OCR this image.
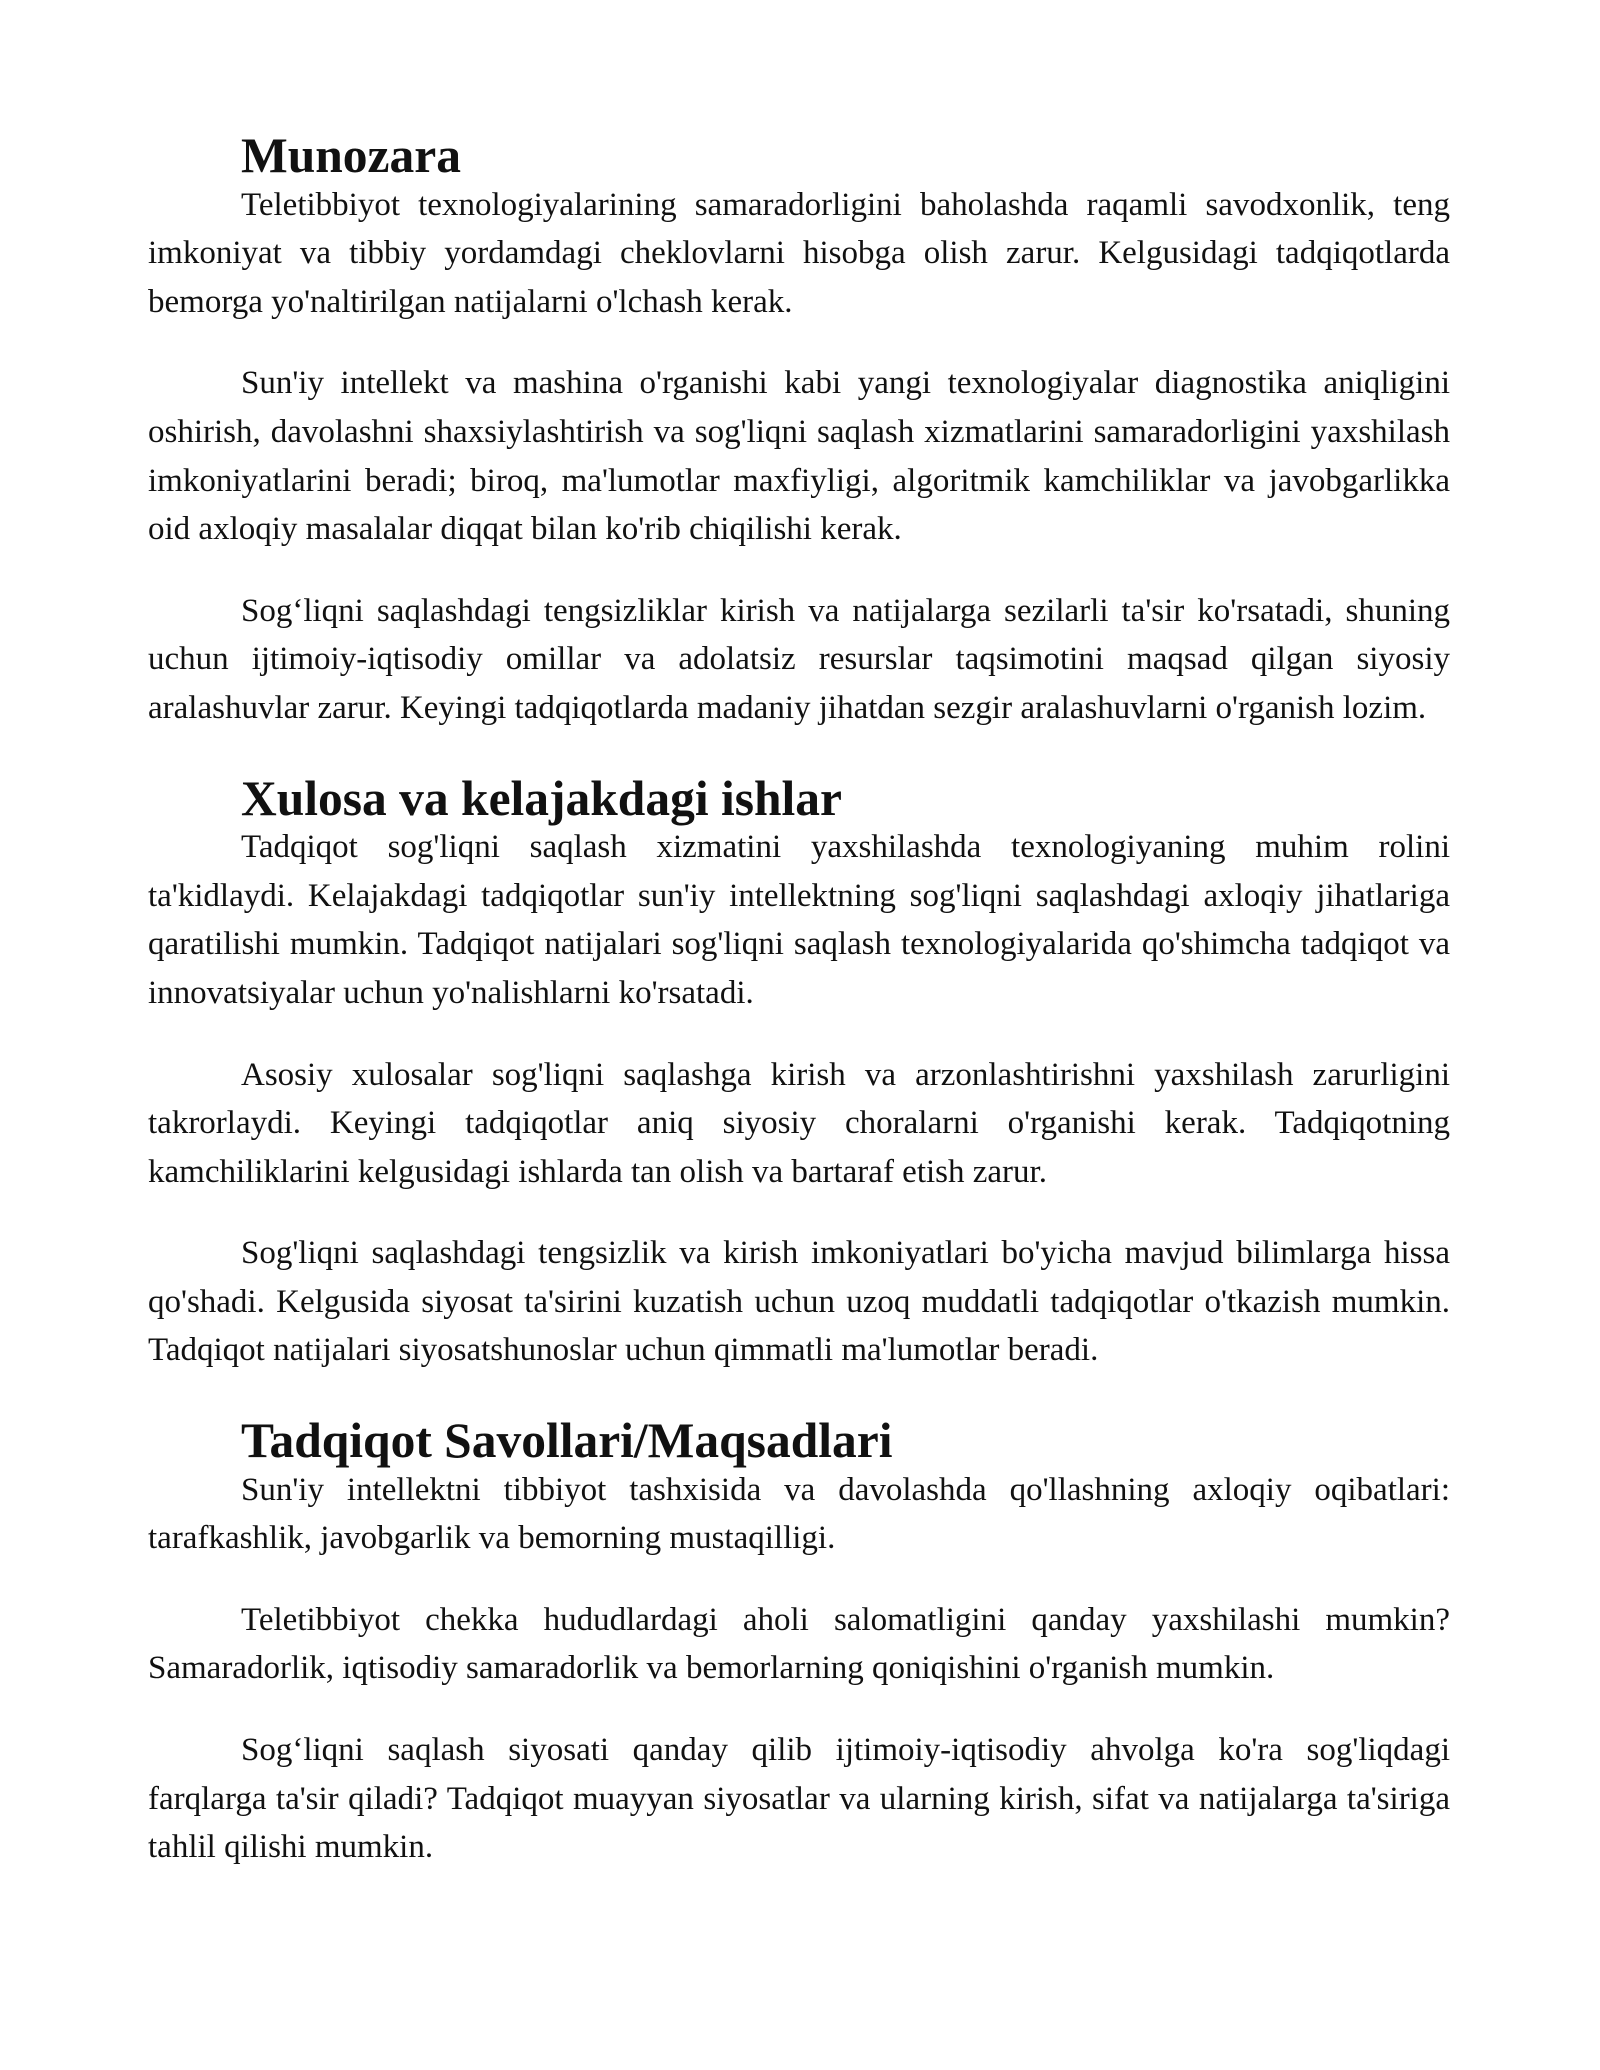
Munozara

Teletibbiyot texnologiyalarining samaradorligini baholashda raqamli savodxonlik, teng imkoniyat va tibbiy yordamdagi cheklovlarni hisobga olish zarur. Kelgusidagi tadqiqotlarda bemorga yo'naltirilgan natijalarni o'lchash kerak.

Sun'iy intellekt va mashina o'rganishi kabi yangi texnologiyalar diagnostika aniqligini oshirish, davolashni shaxsiylashtirish va sog'liqni saqlash xizmatlarini samaradorligini yaxshilash imkoniyatlarini beradi; biroq, ma'lumotlar maxfiyligi, algoritmik kamchiliklar va javobgarlikka oid axloqiy masalalar diqqat bilan ko'rib chiqilishi kerak.

Sog‘liqni saqlashdagi tengsizliklar kirish va natijalarga sezilarli ta'sir ko'rsatadi, shuning uchun ijtimoiy-iqtisodiy omillar va adolatsiz resurslar taqsimotini maqsad qilgan siyosiy aralashuvlar zarur. Keyingi tadqiqotlarda madaniy jihatdan sezgir aralashuvlarni o'rganish lozim.

Xulosa va kelajakdagi ishlar

Tadqiqot sog'liqni saqlash xizmatini yaxshilashda texnologiyaning muhim rolini ta'kidlaydi. Kelajakdagi tadqiqotlar sun'iy intellektning sog'liqni saqlashdagi axloqiy jihatlariga qaratilishi mumkin. Tadqiqot natijalari sog'liqni saqlash texnologiyalarida qo'shimcha tadqiqot va innovatsiyalar uchun yo'nalishlarni ko'rsatadi.

Asosiy xulosalar sog'liqni saqlashga kirish va arzonlashtirishni yaxshilash zarurligini takrorlaydi. Keyingi tadqiqotlar aniq siyosiy choralarni o'rganishi kerak. Tadqiqotning kamchiliklarini kelgusidagi ishlarda tan olish va bartaraf etish zarur.

Sog'liqni saqlashdagi tengsizlik va kirish imkoniyatlari bo'yicha mavjud bilimlarga hissa qo'shadi. Kelgusida siyosat ta'sirini kuzatish uchun uzoq muddatli tadqiqotlar o'tkazish mumkin. Tadqiqot natijalari siyosatshunoslar uchun qimmatli ma'lumotlar beradi.

Tadqiqot Savollari/Maqsadlari

Sun'iy intellektni tibbiyot tashxisida va davolashda qo'llashning axloqiy oqibatlari: tarafkashlik, javobgarlik va bemorning mustaqilligi.

Teletibbiyot chekka hududlardagi aholi salomatligini qanday yaxshilashi mumkin? Samaradorlik, iqtisodiy samaradorlik va bemorlarning qoniqishini o'rganish mumkin.

Sog‘liqni saqlash siyosati qanday qilib ijtimoiy-iqtisodiy ahvolga ko'ra sog'liqdagi farqlarga ta'sir qiladi? Tadqiqot muayyan siyosatlar va ularning kirish, sifat va natijalarga ta'siriga tahlil qilishi mumkin.
